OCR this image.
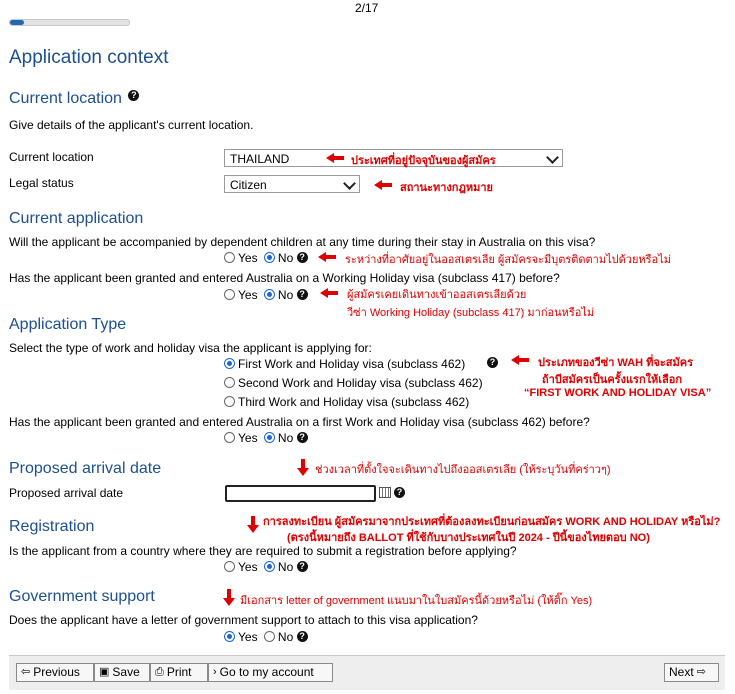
2/17
Application context
Current location ?
Give details of the applicant's current location.
Current location	THAILAND	ประเทศที่อยู่ปัจจุบันของผู้สมัคร
Legal status	Citizen	สถานะทางกฎหมาย
Current application
Will the applicant be accompanied by dependent children at any time during their stay in Australia on this visa?
Yes No ?	ระหว่างที่อาศัยอยู่ในออสเตรเลีย ผู้สมัครจะมีบุตรติดตามไปด้วยหรือไม่
Has the applicant been granted and entered Australia on a Working Holiday visa (subclass 417) before?
Yes No ?	ผู้สมัครเคยเดินทางเข้าออสเตรเลียด้วย
วีซ่า Working Holiday (subclass 417) มาก่อนหรือไม่
Application Type
Select the type of work and holiday visa the applicant is applying for:
First Work and Holiday visa (subclass 462)
Second Work and Holiday visa (subclass 462)
Third Work and Holiday visa (subclass 462)
?	ประเภทของวีซ่า WAH ที่จะสมัคร
ถ้าบีสมัครเป็นครั้งแรกให้เลือก
“FIRST WORK AND HOLIDAY VISA”
Has the applicant been granted and entered Australia on a first Work and Holiday visa (subclass 462) before?
Yes No ?
Proposed arrival date	ช่วงเวลาที่ตั้งใจจะเดินทางไปถึงออสเตรเลีย (ให้ระบุวันที่คร่าวๆ)
Proposed arrival date	?
Registration	การลงทะเบียน ผู้สมัครมาจากประเทศที่ต้องลงทะเบียนก่อนสมัคร WORK AND HOLIDAY หรือไม่?
(ตรงนี้หมายถึง BALLOT ที่ใช้กับบางประเทศในปี 2024 - ปีนี้ของไทยตอบ NO)
Is the applicant from a country where they are required to submit a registration before applying?
Yes No ?
Government support	มีเอกสาร letter of government แนบมาในใบสมัครนี้ด้วยหรือไม่ (ให้ติ๊ก Yes)
Does the applicant have a letter of government support to attach to this visa application?
Yes No ?
⇦ Previous ▣ Save ⎙ Print › Go to my account	Next ⇨
